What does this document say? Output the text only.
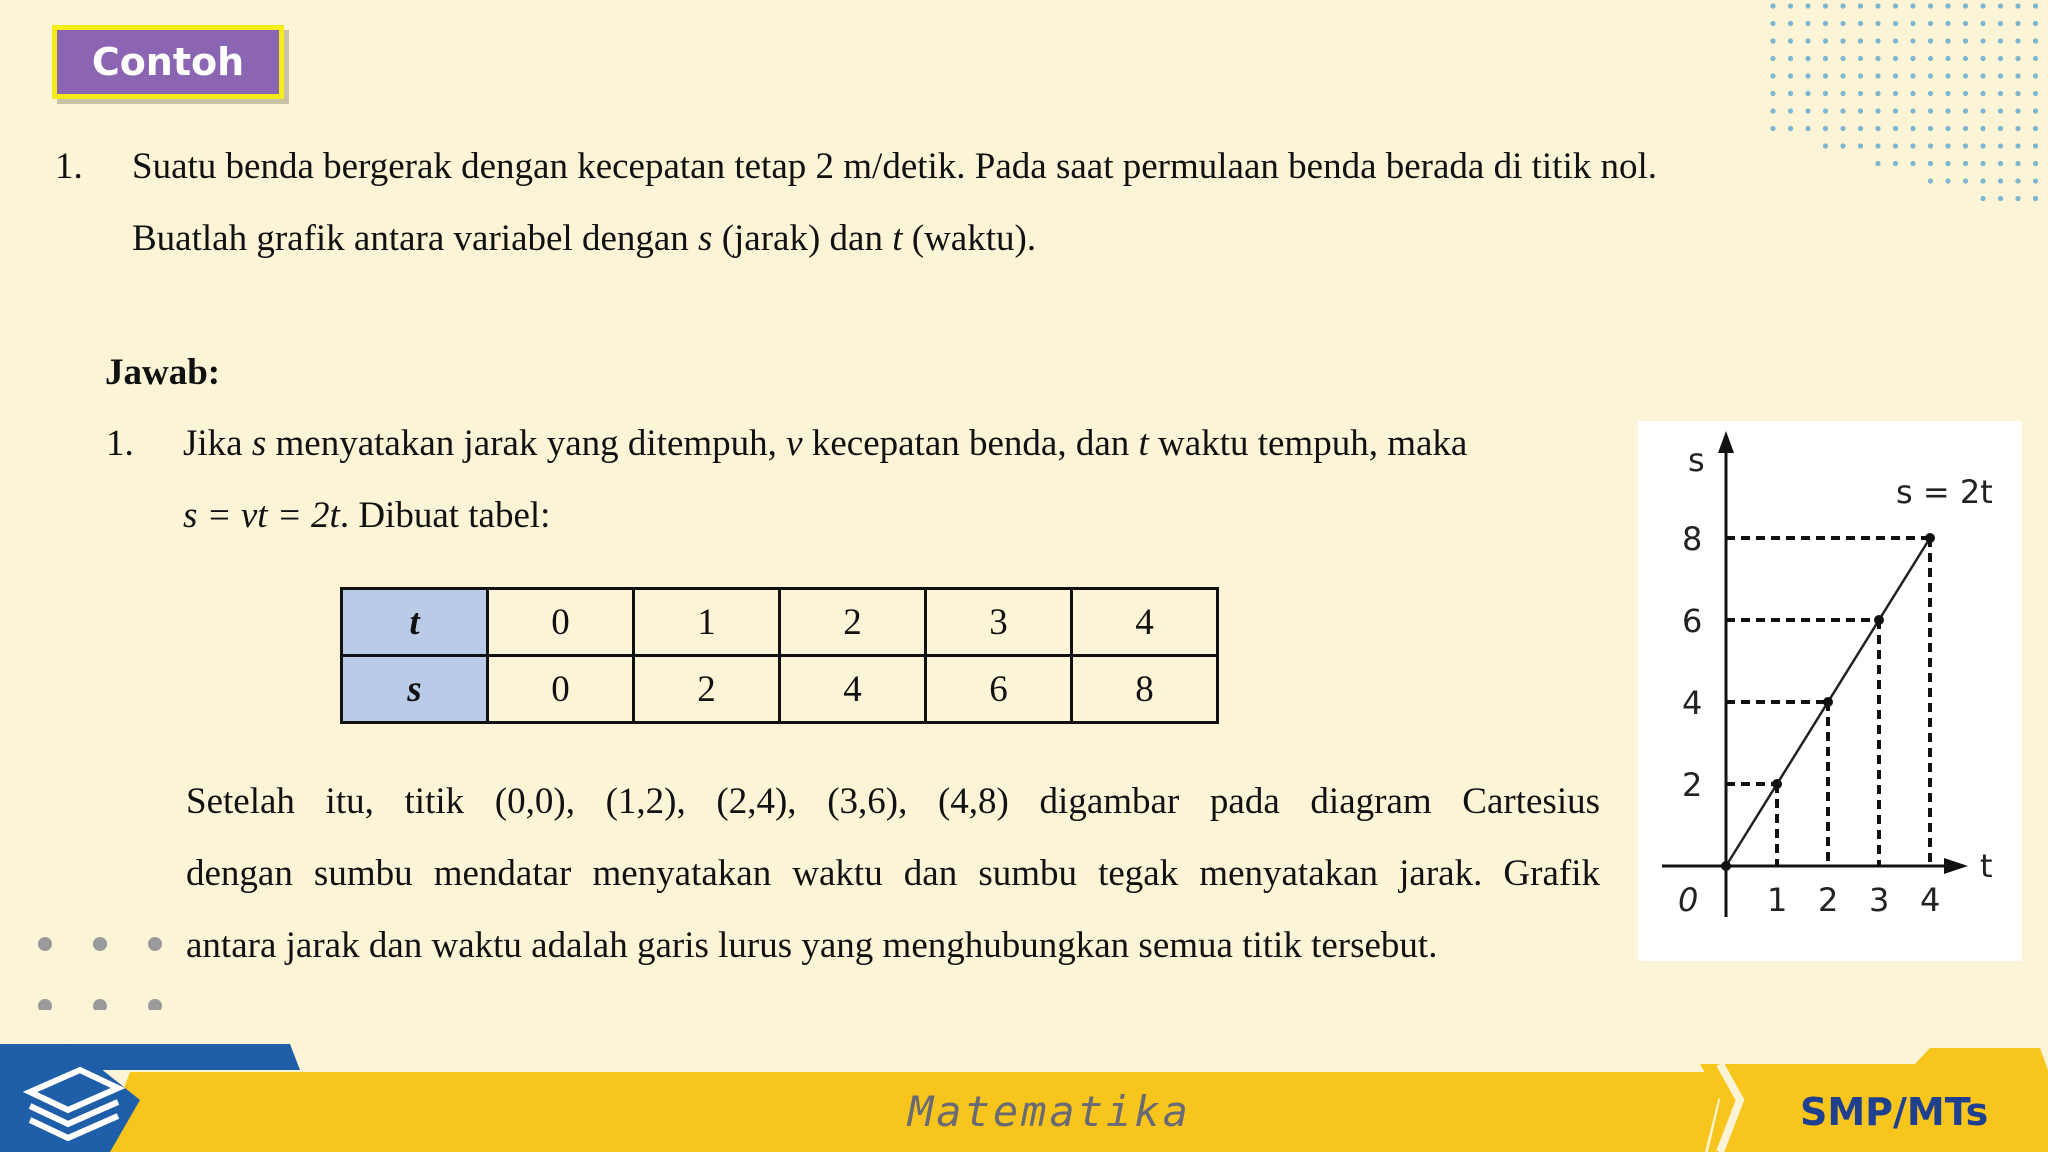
Contoh
1. Suatu benda bergerak dengan kecepatan tetap 2 m/detik. Pada saat permulaan benda berada di titik nol.
Buatlah grafik antara variabel dengan s (jarak) dan t (waktu).
Jawab:
1. Jika s menyatakan jarak yang ditempuh, v kecepatan benda, dan t waktu tempuh, maka
s = vt = 2t. Dibuat tabel:
t	0	1	2	3	4
s	0	2	4	6	8
Setelah itu, titik (0,0), (1,2), (2,4), (3,6), (4,8) digambar pada diagram Cartesius
dengan sumbu mendatar menyatakan waktu dan sumbu tegak menyatakan jarak. Grafik
antara jarak dan waktu adalah garis lurus yang menghubungkan semua titik tersebut.
s
t
0
s = 2t
1 2 3 4
2
4
6
8
Matematika	SMP/MTs
